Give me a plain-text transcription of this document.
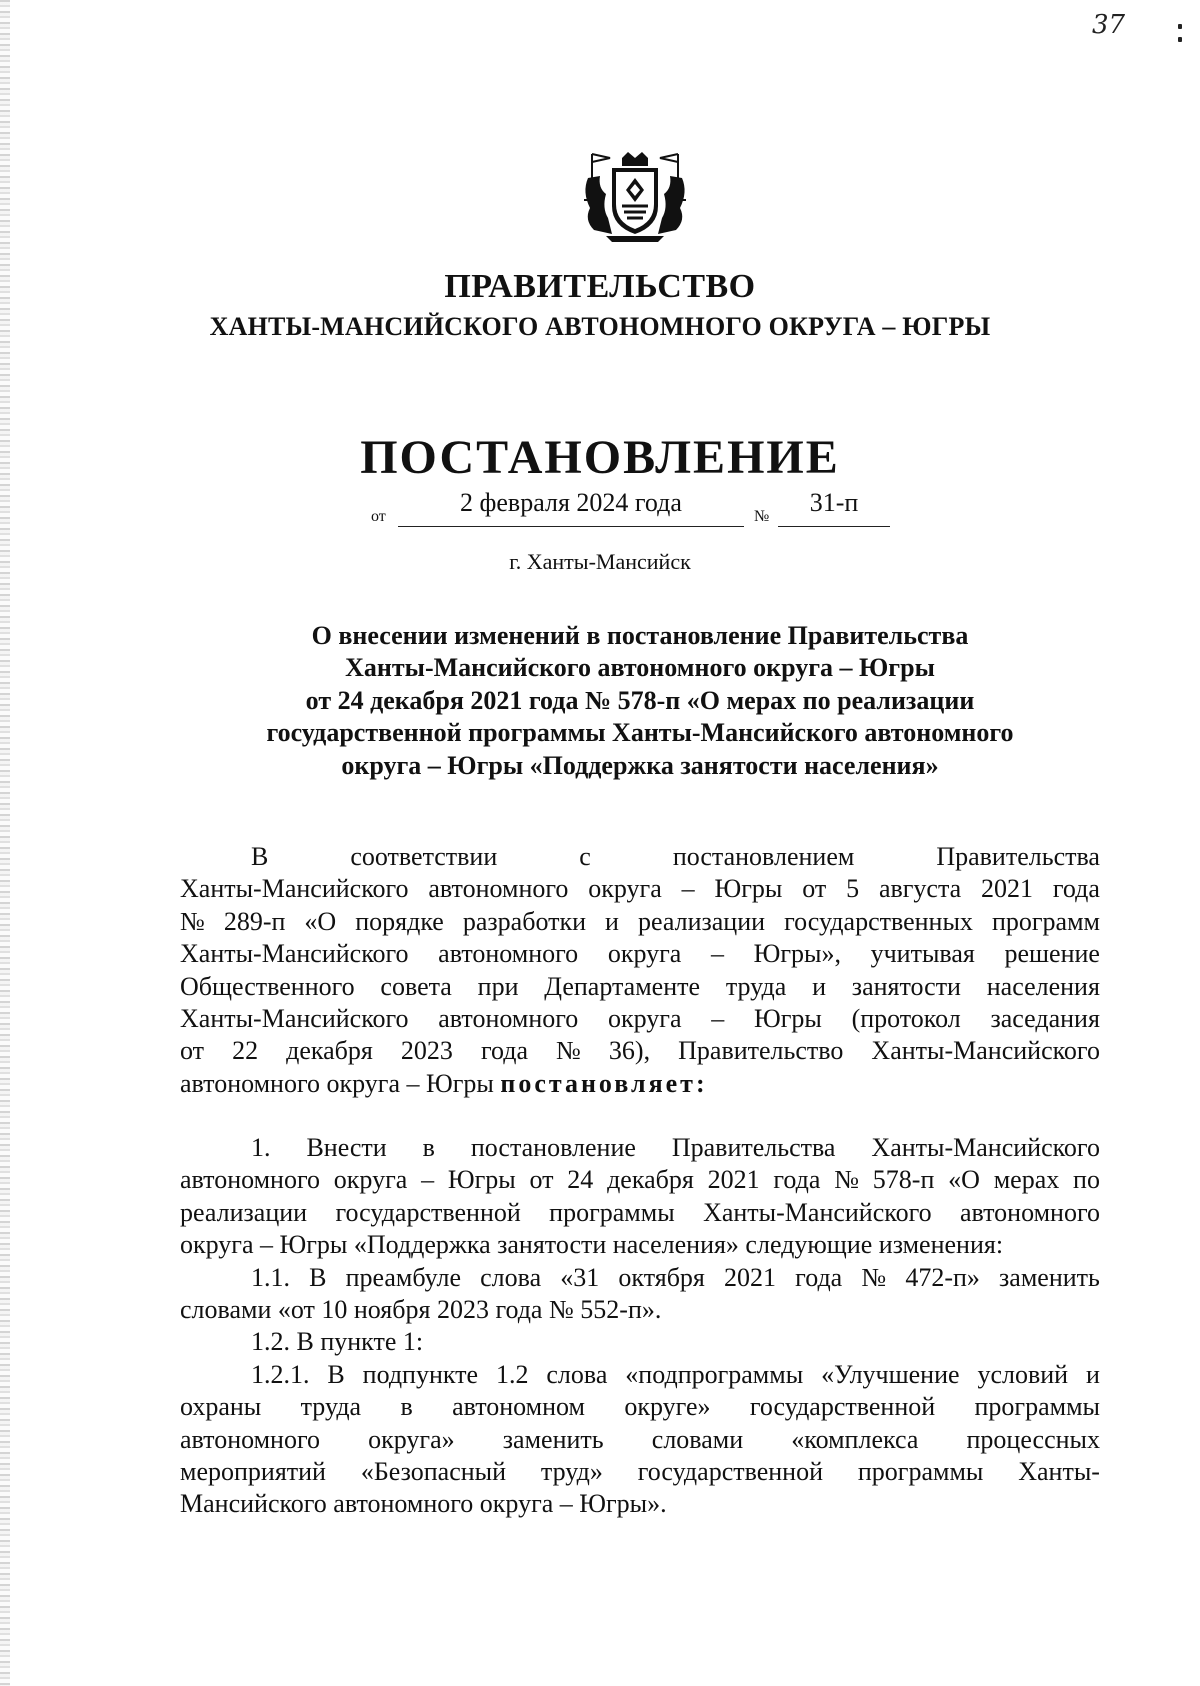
37
ПРАВИТЕЛЬСТВО
ХАНТЫ-МАНСИЙСКОГО АВТОНОМНОГО ОКРУГА – ЮГРЫ
ПОСТАНОВЛЕНИЕ
от	2 февраля 2024 года	№	31-п
г. Ханты-Мансийск
О внесении изменений в постановление Правительства
Ханты-Мансийского автономного округа – Югры
от 24 декабря 2021 года № 578-п «О мерах по реализации
государственной программы Ханты-Мансийского автономного
округа – Югры «Поддержка занятости населения»
В	соответствии	с	постановлением	Правительства
Ханты-Мансийского автономного округа – Югры от 5 августа 2021 года
№ 289-п «О порядке разработки и реализации государственных программ
Ханты-Мансийского автономного округа – Югры», учитывая решение
Общественного совета при Департаменте труда и занятости населения
Ханты-Мансийского автономного округа – Югры (протокол заседания
от 22 декабря 2023 года № 36), Правительство Ханты-Мансийского
автономного округа – Югры постановляет:
1. Внести в постановление Правительства Ханты-Мансийского
автономного округа – Югры от 24 декабря 2021 года № 578-п «О мерах по
реализации государственной программы Ханты-Мансийского автономного
округа – Югры «Поддержка занятости населения» следующие изменения:
1.1. В преамбуле слова «31 октября 2021 года № 472-п» заменить
словами «от 10 ноября 2023 года № 552-п».
1.2. В пункте 1:
1.2.1. В подпункте 1.2 слова «подпрограммы «Улучшение условий и
охраны труда в автономном округе» государственной программы
автономного округа» заменить словами «комплекса процессных
мероприятий «Безопасный труд» государственной программы Ханты-
Мансийского автономного округа – Югры».
